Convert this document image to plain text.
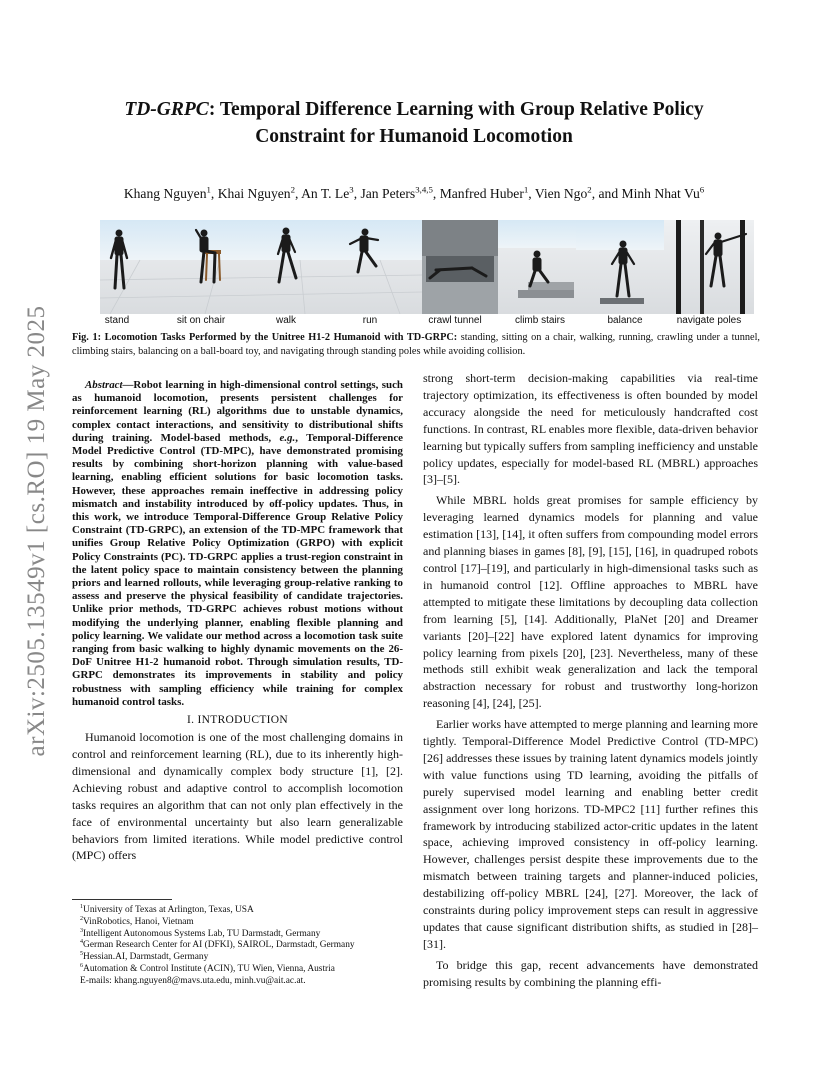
arXiv:2505.13549v1 [cs.RO] 19 May 2025
TD-GRPC: Temporal Difference Learning with Group Relative Policy
Constraint for Humanoid Locomotion
Khang Nguyen$^1$, Khai Nguyen$^2$, An T. Le$^3$, Jan Peters$^{3,4,5}$, Manfred Huber$^1$, Vien Ngo$^2$, and Minh Nhat Vu$^6$
stand	sit on chair	walk	run	crawl tunnel	climb stairs	balance	navigate poles
Fig. 1: Locomotion Tasks Performed by the Unitree H1-2 Humanoid with TD-GRPC: standing, sitting on a chair, walking, running, crawling under a tunnel, climbing stairs, balancing on a ball-board toy, and navigating through standing poles while avoiding collision.

Abstract—Robot learning in high-dimensional control settings, such as humanoid locomotion, presents persistent challenges for reinforcement learning (RL) algorithms due to unstable dynamics, complex contact interactions, and sensitivity to distributional shifts during training. Model-based methods, e.g., Temporal-Difference Model Predictive Control (TD-MPC), have demonstrated promising results by combining short-horizon planning with value-based learning, enabling efficient solutions for basic locomotion tasks. However, these approaches remain ineffective in addressing policy mismatch and instability introduced by off-policy updates. Thus, in this work, we introduce Temporal-Difference Group Relative Policy Constraint (TD-GRPC), an extension of the TD-MPC framework that unifies Group Relative Policy Optimization (GRPO) with explicit Policy Constraints (PC). TD-GRPC applies a trust-region constraint in the latent policy space to maintain consistency between the planning priors and learned rollouts, while leveraging group-relative ranking to assess and preserve the physical feasibility of candidate trajectories. Unlike prior methods, TD-GRPC achieves robust motions without modifying the underlying planner, enabling flexible planning and policy learning. We validate our method across a locomotion task suite ranging from basic walking to highly dynamic movements on the 26-DoF Unitree H1-2 humanoid robot. Through simulation results, TD-GRPC demonstrates its improvements in stability and policy robustness with sampling efficiency while training for complex humanoid control tasks.

I. INTRODUCTION

Humanoid locomotion is one of the most challenging domains in control and reinforcement learning (RL), due to its inherently high-dimensional and dynamically complex body structure [1], [2]. Achieving robust and adaptive control to accomplish locomotion tasks requires an algorithm that can not only plan effectively in the face of environmental uncertainty but also learn generalizable behaviors from limited iterations. While model predictive control (MPC) offers

$^1$University of Texas at Arlington, Texas, USA
$^2$VinRobotics, Hanoi, Vietnam
$^3$Intelligent Autonomous Systems Lab, TU Darmstadt, Germany
$^4$German Research Center for AI (DFKI), SAIROL, Darmstadt, Germany
$^5$Hessian.AI, Darmstadt, Germany
$^6$Automation & Control Institute (ACIN), TU Wien, Vienna, Austria
E-mails: khang.nguyen8@mavs.uta.edu, minh.vu@ait.ac.at.

strong short-term decision-making capabilities via real-time trajectory optimization, its effectiveness is often bounded by model accuracy alongside the need for meticulously handcrafted cost functions. In contrast, RL enables more flexible, data-driven behavior learning but typically suffers from sampling inefficiency and unstable policy updates, especially for model-based RL (MBRL) approaches [3]–[5].

While MBRL holds great promises for sample efficiency by leveraging learned dynamics models for planning and value estimation [13], [14], it often suffers from compounding model errors and planning biases in games [8], [9], [15], [16], in quadruped robots control [17]–[19], and particularly in high-dimensional tasks such as in humanoid control [12]. Offline approaches to MBRL have attempted to mitigate these limitations by decoupling data collection from learning [5], [14]. Additionally, PlaNet [20] and Dreamer variants [20]–[22] have explored latent dynamics for improving policy learning from pixels [20], [23]. Nevertheless, many of these methods still exhibit weak generalization and lack the temporal abstraction necessary for robust and trustworthy long-horizon reasoning [4], [24], [25].

Earlier works have attempted to merge planning and learning more tightly. Temporal-Difference Model Predictive Control (TD-MPC) [26] addresses these issues by training latent dynamics models jointly with value functions using TD learning, avoiding the pitfalls of purely supervised model learning and enabling better credit assignment over long horizons. TD-MPC2 [11] further refines this framework by introducing stabilized actor-critic updates in the latent space, achieving improved consistency in off-policy learning. However, challenges persist despite these improvements due to the mismatch between training targets and planner-induced policies, destabilizing off-policy MBRL [24], [27]. Moreover, the lack of constraints during policy improvement steps can result in aggressive updates that cause significant distribution shifts, as studied in [28]–[31].

To bridge this gap, recent advancements have demonstrated promising results by combining the planning effi-
